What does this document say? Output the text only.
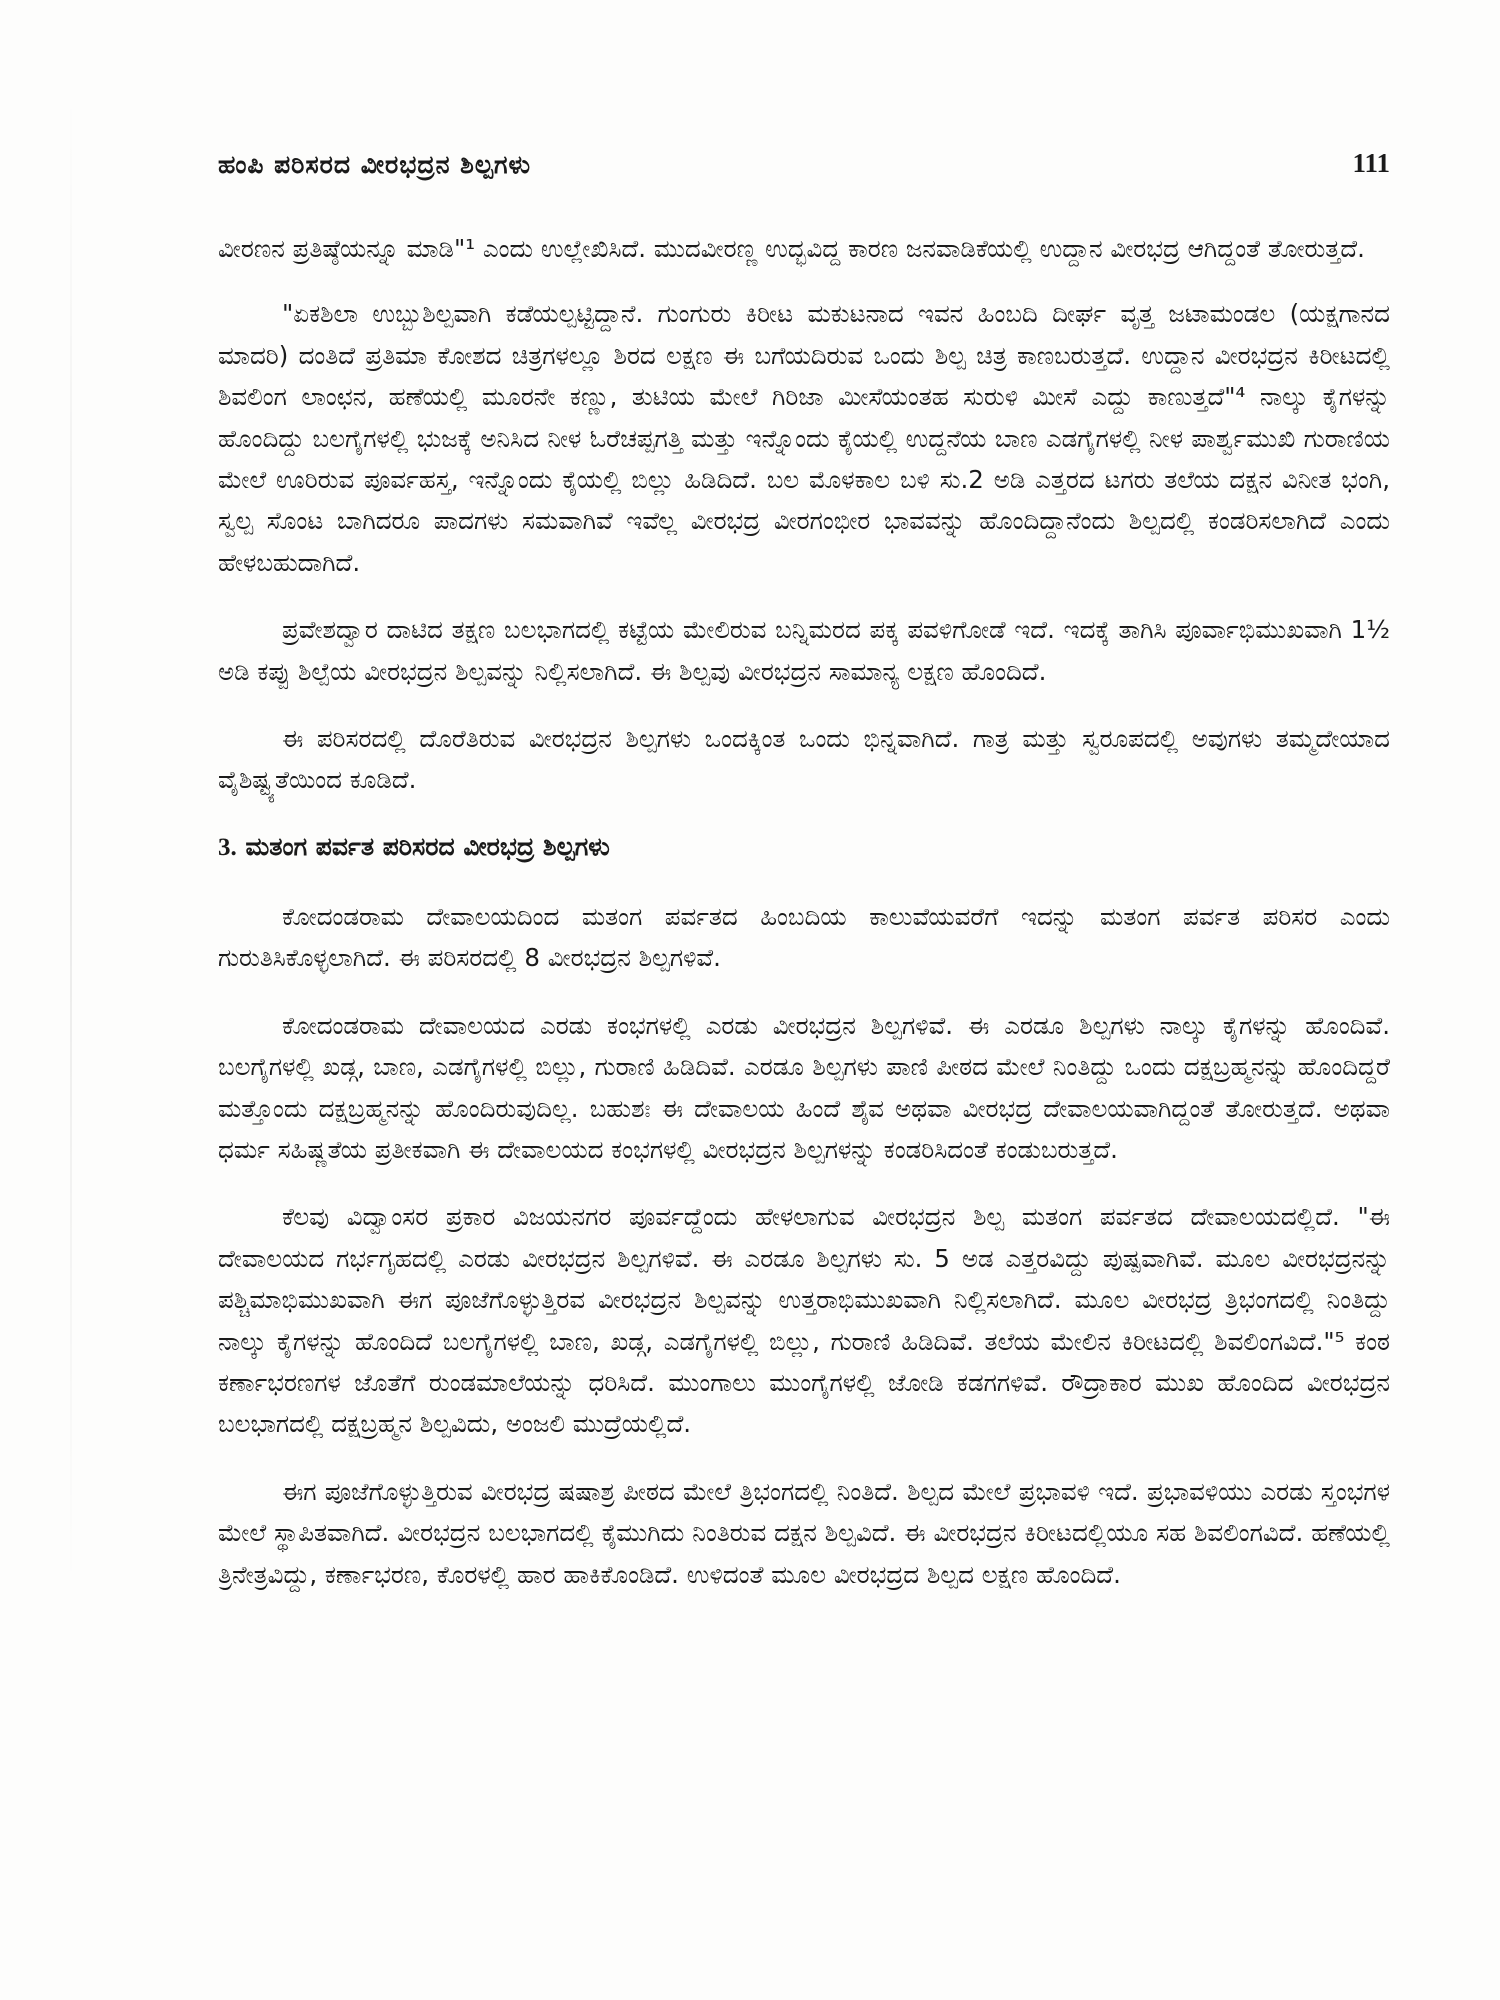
ಹಂಪಿ ಪರಿಸರದ ವೀರಭದ್ರನ ಶಿಲ್ಪಗಳು	111

ವೀರಣನ ಪ್ರತಿಷ್ಠೆಯನ್ನೂ ಮಾಡಿ"¹ ಎಂದು ಉಲ್ಲೇಖಿಸಿದೆ. ಮುದವೀರಣ್ಣ ಉದ್ಭವಿದ್ದ ಕಾರಣ ಜನವಾಡಿಕೆಯಲ್ಲಿ ಉದ್ದಾನ ವೀರಭದ್ರ ಆಗಿದ್ದಂತೆ ತೋರುತ್ತದೆ.

"ಏಕಶಿಲಾ ಉಬ್ಬುಶಿಲ್ಪವಾಗಿ ಕಡೆಯಲ್ಪಟ್ಟಿದ್ದಾನೆ. ಗುಂಗುರು ಕಿರೀಟ ಮಕುಟನಾದ ಇವನ ಹಿಂಬದಿ ದೀರ್ಘ ವೃತ್ತ ಜಟಾಮಂಡಲ (ಯಕ್ಷಗಾನದ ಮಾದರಿ) ದಂತಿದೆ ಪ್ರತಿಮಾ ಕೋಶದ ಚಿತ್ರಗಳಲ್ಲೂ ಶಿರದ ಲಕ್ಷಣ ಈ ಬಗೆಯದಿರುವ ಒಂದು ಶಿಲ್ಪ ಚಿತ್ರ ಕಾಣಬರುತ್ತದೆ. ಉದ್ದಾನ ವೀರಭದ್ರನ ಕಿರೀಟದಲ್ಲಿ ಶಿವಲಿಂಗ ಲಾಂಛನ, ಹಣೆಯಲ್ಲಿ ಮೂರನೇ ಕಣ್ಣು, ತುಟಿಯ ಮೇಲೆ ಗಿರಿಜಾ ಮೀಸೆಯಂತಹ ಸುರುಳಿ ಮೀಸೆ ಎದ್ದು ಕಾಣುತ್ತದೆ"⁴ ನಾಲ್ಕು ಕೈಗಳನ್ನು ಹೊಂದಿದ್ದು ಬಲಗೈಗಳಲ್ಲಿ ಭುಜಕ್ಕೆ ಅನಿಸಿದ ನೀಳ ಓರೆಚಪ್ಪಗತ್ತಿ ಮತ್ತು ಇನ್ನೊಂದು ಕೈಯಲ್ಲಿ ಉದ್ದನೆಯ ಬಾಣ ಎಡಗೈಗಳಲ್ಲಿ ನೀಳ ಪಾರ್ಶ್ವಮುಖಿ ಗುರಾಣಿಯ ಮೇಲೆ ಊರಿರುವ ಪೂರ್ವಹಸ್ತ, ಇನ್ನೊಂದು ಕೈಯಲ್ಲಿ ಬಿಲ್ಲು ಹಿಡಿದಿದೆ. ಬಲ ಮೊಳಕಾಲ ಬಳಿ ಸು.2 ಅಡಿ ಎತ್ತರದ ಟಗರು ತಲೆಯ ದಕ್ಷನ ವಿನೀತ ಭಂಗಿ, ಸ್ವಲ್ಪ ಸೊಂಟ ಬಾಗಿದರೂ ಪಾದಗಳು ಸಮವಾಗಿವೆ ಇವೆಲ್ಲ ವೀರಭದ್ರ ವೀರಗಂಭೀರ ಭಾವವನ್ನು ಹೊಂದಿದ್ದಾನೆಂದು ಶಿಲ್ಪದಲ್ಲಿ ಕಂಡರಿಸಲಾಗಿದೆ ಎಂದು ಹೇಳಬಹುದಾಗಿದೆ.

ಪ್ರವೇಶದ್ವಾರ ದಾಟಿದ ತಕ್ಷಣ ಬಲಭಾಗದಲ್ಲಿ ಕಟ್ಟೆಯ ಮೇಲಿರುವ ಬನ್ನಿಮರದ ಪಕ್ಕ ಪವಳಿಗೋಡೆ ಇದೆ. ಇದಕ್ಕೆ ತಾಗಿಸಿ ಪೂರ್ವಾಭಿಮುಖವಾಗಿ 1½ ಅಡಿ ಕಪ್ಪು ಶಿಲ್ಪೆಯ ವೀರಭದ್ರನ ಶಿಲ್ಪವನ್ನು ನಿಲ್ಲಿಸಲಾಗಿದೆ. ಈ ಶಿಲ್ಪವು ವೀರಭದ್ರನ ಸಾಮಾನ್ಯ ಲಕ್ಷಣ ಹೊಂದಿದೆ.

ಈ ಪರಿಸರದಲ್ಲಿ ದೊರೆತಿರುವ ವೀರಭದ್ರನ ಶಿಲ್ಪಗಳು ಒಂದಕ್ಕಿಂತ ಒಂದು ಭಿನ್ನವಾಗಿದೆ. ಗಾತ್ರ ಮತ್ತು ಸ್ವರೂಪದಲ್ಲಿ ಅವುಗಳು ತಮ್ಮದೇಯಾದ ವೈಶಿಷ್ಟ್ಯತೆಯಿಂದ ಕೂಡಿದೆ.

3. ಮತಂಗ ಪರ್ವತ ಪರಿಸರದ ವೀರಭದ್ರ ಶಿಲ್ಪಗಳು

ಕೋದಂಡರಾಮ ದೇವಾಲಯದಿಂದ ಮತಂಗ ಪರ್ವತದ ಹಿಂಬದಿಯ ಕಾಲುವೆಯವರೆಗೆ ಇದನ್ನು ಮತಂಗ ಪರ್ವತ ಪರಿಸರ ಎಂದು ಗುರುತಿಸಿಕೊಳ್ಳಲಾಗಿದೆ. ಈ ಪರಿಸರದಲ್ಲಿ 8 ವೀರಭದ್ರನ ಶಿಲ್ಪಗಳಿವೆ.

ಕೋದಂಡರಾಮ ದೇವಾಲಯದ ಎರಡು ಕಂಭಗಳಲ್ಲಿ ಎರಡು ವೀರಭದ್ರನ ಶಿಲ್ಪಗಳಿವೆ. ಈ ಎರಡೂ ಶಿಲ್ಪಗಳು ನಾಲ್ಕು ಕೈಗಳನ್ನು ಹೊಂದಿವೆ. ಬಲಗೈಗಳಲ್ಲಿ ಖಡ್ಗ, ಬಾಣ, ಎಡಗೈಗಳಲ್ಲಿ ಬಿಲ್ಲು, ಗುರಾಣಿ ಹಿಡಿದಿವೆ. ಎರಡೂ ಶಿಲ್ಪಗಳು ಪಾಣಿ ಪೀಠದ ಮೇಲೆ ನಿಂತಿದ್ದು ಒಂದು ದಕ್ಷಬ್ರಹ್ಮನನ್ನು ಹೊಂದಿದ್ದರೆ ಮತ್ತೊಂದು ದಕ್ಷಬ್ರಹ್ಮನನ್ನು ಹೊಂದಿರುವುದಿಲ್ಲ. ಬಹುಶಃ ಈ ದೇವಾಲಯ ಹಿಂದೆ ಶೈವ ಅಥವಾ ವೀರಭದ್ರ ದೇವಾಲಯವಾಗಿದ್ದಂತೆ ತೋರುತ್ತದೆ. ಅಥವಾ ಧರ್ಮ ಸಹಿಷ್ಣತೆಯ ಪ್ರತೀಕವಾಗಿ ಈ ದೇವಾಲಯದ ಕಂಭಗಳಲ್ಲಿ ವೀರಭದ್ರನ ಶಿಲ್ಪಗಳನ್ನು ಕಂಡರಿಸಿದಂತೆ ಕಂಡುಬರುತ್ತದೆ.

ಕೆಲವು ವಿದ್ವಾಂಸರ ಪ್ರಕಾರ ವಿಜಯನಗರ ಪೂರ್ವದ್ದೆಂದು ಹೇಳಲಾಗುವ ವೀರಭದ್ರನ ಶಿಲ್ಪ ಮತಂಗ ಪರ್ವತದ ದೇವಾಲಯದಲ್ಲಿದೆ. "ಈ ದೇವಾಲಯದ ಗರ್ಭಗೃಹದಲ್ಲಿ ಎರಡು ವೀರಭದ್ರನ ಶಿಲ್ಪಗಳಿವೆ. ಈ ಎರಡೂ ಶಿಲ್ಪಗಳು ಸು. 5 ಅಡ ಎತ್ತರವಿದ್ದು ಪುಷ್ಪವಾಗಿವೆ. ಮೂಲ ವೀರಭದ್ರನನ್ನು ಪಶ್ಚಿಮಾಭಿಮುಖವಾಗಿ ಈಗ ಪೂಜೆಗೊಳ್ಳುತ್ತಿರವ ವೀರಭದ್ರನ ಶಿಲ್ಪವನ್ನು ಉತ್ತರಾಭಿಮುಖವಾಗಿ ನಿಲ್ಲಿಸಲಾಗಿದೆ. ಮೂಲ ವೀರಭದ್ರ ತ್ರಿಭಂಗದಲ್ಲಿ ನಿಂತಿದ್ದು ನಾಲ್ಕು ಕೈಗಳನ್ನು ಹೊಂದಿದೆ ಬಲಗೈಗಳಲ್ಲಿ ಬಾಣ, ಖಡ್ಗ, ಎಡಗೈಗಳಲ್ಲಿ ಬಿಲ್ಲು, ಗುರಾಣಿ ಹಿಡಿದಿವೆ. ತಲೆಯ ಮೇಲಿನ ಕಿರೀಟದಲ್ಲಿ ಶಿವಲಿಂಗವಿದೆ."⁵ ಕಂಠ ಕರ್ಣಾಭರಣಗಳ ಜೊತೆಗೆ ರುಂಡಮಾಲೆಯನ್ನು ಧರಿಸಿದೆ. ಮುಂಗಾಲು ಮುಂಗೈಗಳಲ್ಲಿ ಜೋಡಿ ಕಡಗಗಳಿವೆ. ರೌದ್ರಾಕಾರ ಮುಖ ಹೊಂದಿದ ವೀರಭದ್ರನ ಬಲಭಾಗದಲ್ಲಿ ದಕ್ಷಬ್ರಹ್ಮನ ಶಿಲ್ಪವಿದು, ಅಂಜಲಿ ಮುದ್ರೆಯಲ್ಲಿದೆ.

ಈಗ ಪೂಜೆಗೊಳ್ಳುತ್ತಿರುವ ವೀರಭದ್ರ ಷಷಾಶ್ರ ಪೀಠದ ಮೇಲೆ ತ್ರಿಭಂಗದಲ್ಲಿ ನಿಂತಿದೆ. ಶಿಲ್ಪದ ಮೇಲೆ ಪ್ರಭಾವಳಿ ಇದೆ. ಪ್ರಭಾವಳಿಯು ಎರಡು ಸ್ತಂಭಗಳ ಮೇಲೆ ಸ್ಥಾಪಿತವಾಗಿದೆ. ವೀರಭದ್ರನ ಬಲಭಾಗದಲ್ಲಿ ಕೈಮುಗಿದು ನಿಂತಿರುವ ದಕ್ಷನ ಶಿಲ್ಪವಿದೆ. ಈ ವೀರಭದ್ರನ ಕಿರೀಟದಲ್ಲಿಯೂ ಸಹ ಶಿವಲಿಂಗವಿದೆ. ಹಣೆಯಲ್ಲಿ ತ್ರಿನೇತ್ರವಿದ್ದು, ಕರ್ಣಾಭರಣ, ಕೊರಳಲ್ಲಿ ಹಾರ ಹಾಕಿಕೊಂಡಿದೆ. ಉಳಿದಂತೆ ಮೂಲ ವೀರಭದ್ರದ ಶಿಲ್ಪದ ಲಕ್ಷಣ ಹೊಂದಿದೆ.
